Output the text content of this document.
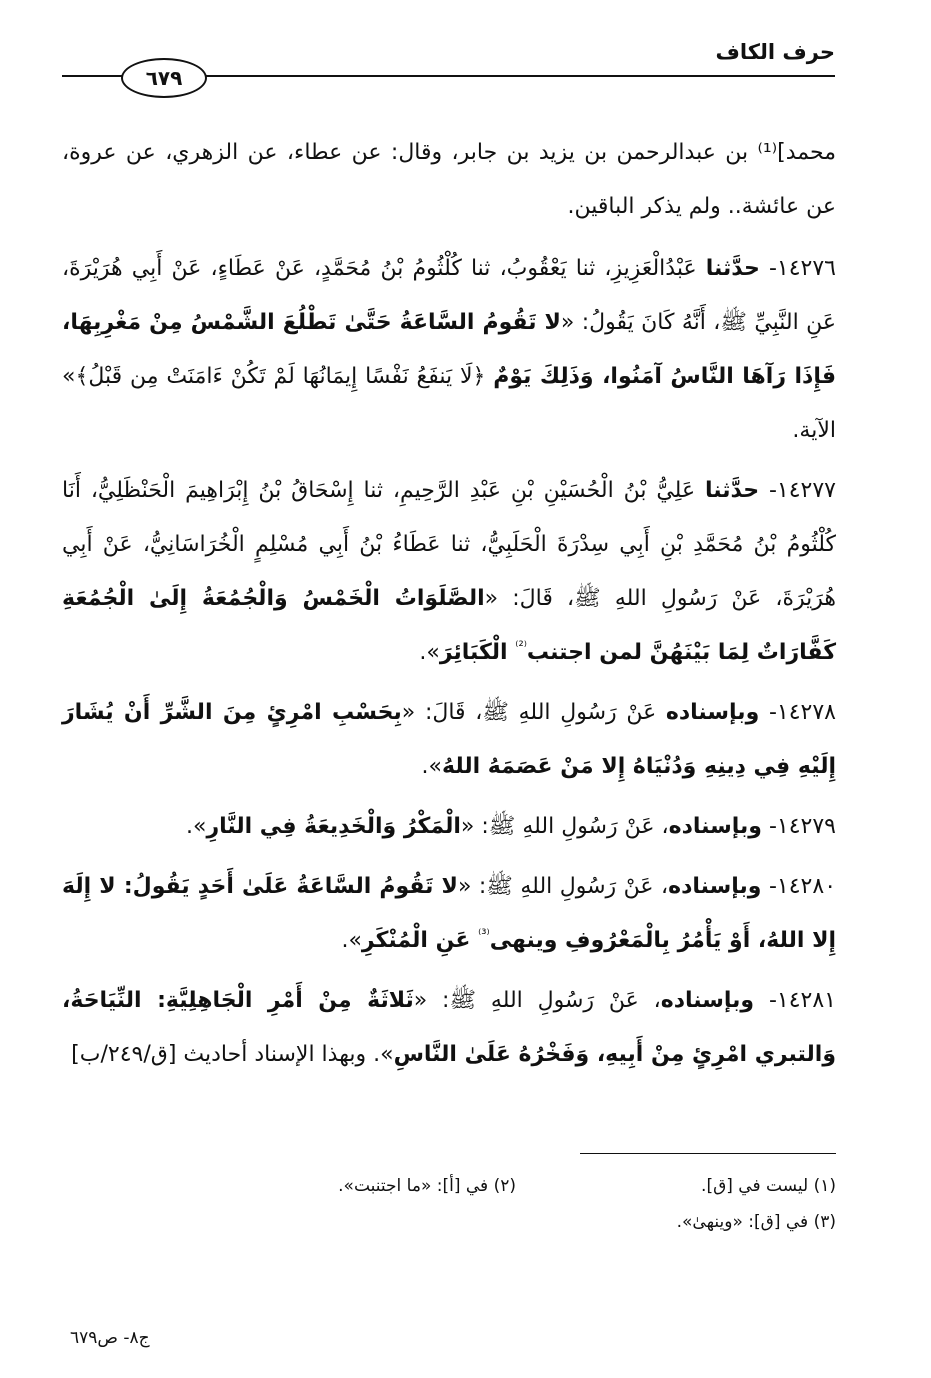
حرف الكاف
٦٧٩

محمد]⁽¹⁾ بن عبدالرحمن بن يزيد بن جابر، وقال: عن عطاء، عن الزهري، عن عروة، عن عائشة.. ولم يذكر الباقين.

١٤٢٧٦- حدَّثنا عَبْدُالْعَزِيزِ، ثنا يَعْقُوبُ، ثنا كُلْثُومُ بْنُ مُحَمَّدٍ، عَنْ عَطَاءٍ، عَنْ أَبِي هُرَيْرَةَ، عَنِ النَّبِيِّ ﷺ، أَنَّهُ كَانَ يَقُولُ: «لا تَقُومُ السَّاعَةُ حَتَّىٰ تَطْلُعَ الشَّمْسُ مِنْ مَغْرِبِهَا، فَإِذَا رَآهَا النَّاسُ آمَنُوا، وَذَلِكَ يَوْمٌ ﴿لَا يَنفَعُ نَفْسًا إِيمَانُهَا لَمْ تَكُنْ ءَامَنَتْ مِن قَبْلُ﴾» الآية.

١٤٢٧٧- حدَّثنا عَلِيُّ بْنُ الْحُسَيْنِ بْنِ عَبْدِ الرَّحِيمِ، ثنا إِسْحَاقُ بْنُ إِبْرَاهِيمَ الْحَنْظَلِيُّ، أَنَا كُلْثُومُ بْنُ مُحَمَّدِ بْنِ أَبِي سِدْرَةَ الْحَلَبِيُّ، ثنا عَطَاءُ بْنُ أَبِي مُسْلِمٍ الْخُرَاسَانِيُّ، عَنْ أَبِي هُرَيْرَةَ، عَنْ رَسُولِ اللهِ ﷺ، قَالَ: «الصَّلَوَاتُ الْخَمْسُ وَالْجُمُعَةُ إِلَىٰ الْجُمُعَةِ كَفَّارَاتٌ لِمَا بَيْنَهُنَّ لمن اجتنب$^{^{(2)}}$ الْكَبَائِرَ».

١٤٢٧٨- وبإسناده عَنْ رَسُولِ اللهِ ﷺ، قَالَ: «بِحَسْبِ امْرِئٍ مِنَ الشَّرِّ أَنْ يُشَارَ إِلَيْهِ فِي دِينِهِ وَدُنْيَاهُ إِلا مَنْ عَصَمَهُ اللهُ».

١٤٢٧٩- وبإسناده، عَنْ رَسُولِ اللهِ ﷺ: «الْمَكْرُ وَالْخَدِيعَةُ فِي النَّارِ».

١٤٢٨٠- وبإسناده، عَنْ رَسُولِ اللهِ ﷺ: «لا تَقُومُ السَّاعَةُ عَلَىٰ أَحَدٍ يَقُولُ: لا إِلَهَ إِلا اللهُ، أَوْ يَأْمُرُ بِالْمَعْرُوفِ وينهى$^{^{(3)}}$ عَنِ الْمُنْكَرِ».

١٤٢٨١- وبإسناده، عَنْ رَسُولِ اللهِ ﷺ: «ثَلاثَةٌ مِنْ أَمْرِ الْجَاهِلِيَّةِ: النِّيَاحَةُ، وَالتبري امْرِئٍ مِنْ أَبِيهِ، وَفَخْرُهُ عَلَىٰ النَّاسِ». وبهذا الإسناد أحاديث [ق/٢٤٩/ب]

(١) ليست في [ق].
(٢) في [أ]: «ما اجتنبت».
(٣) في [ق]: «وينهىٰ».
ج٨- ص٦٧٩
